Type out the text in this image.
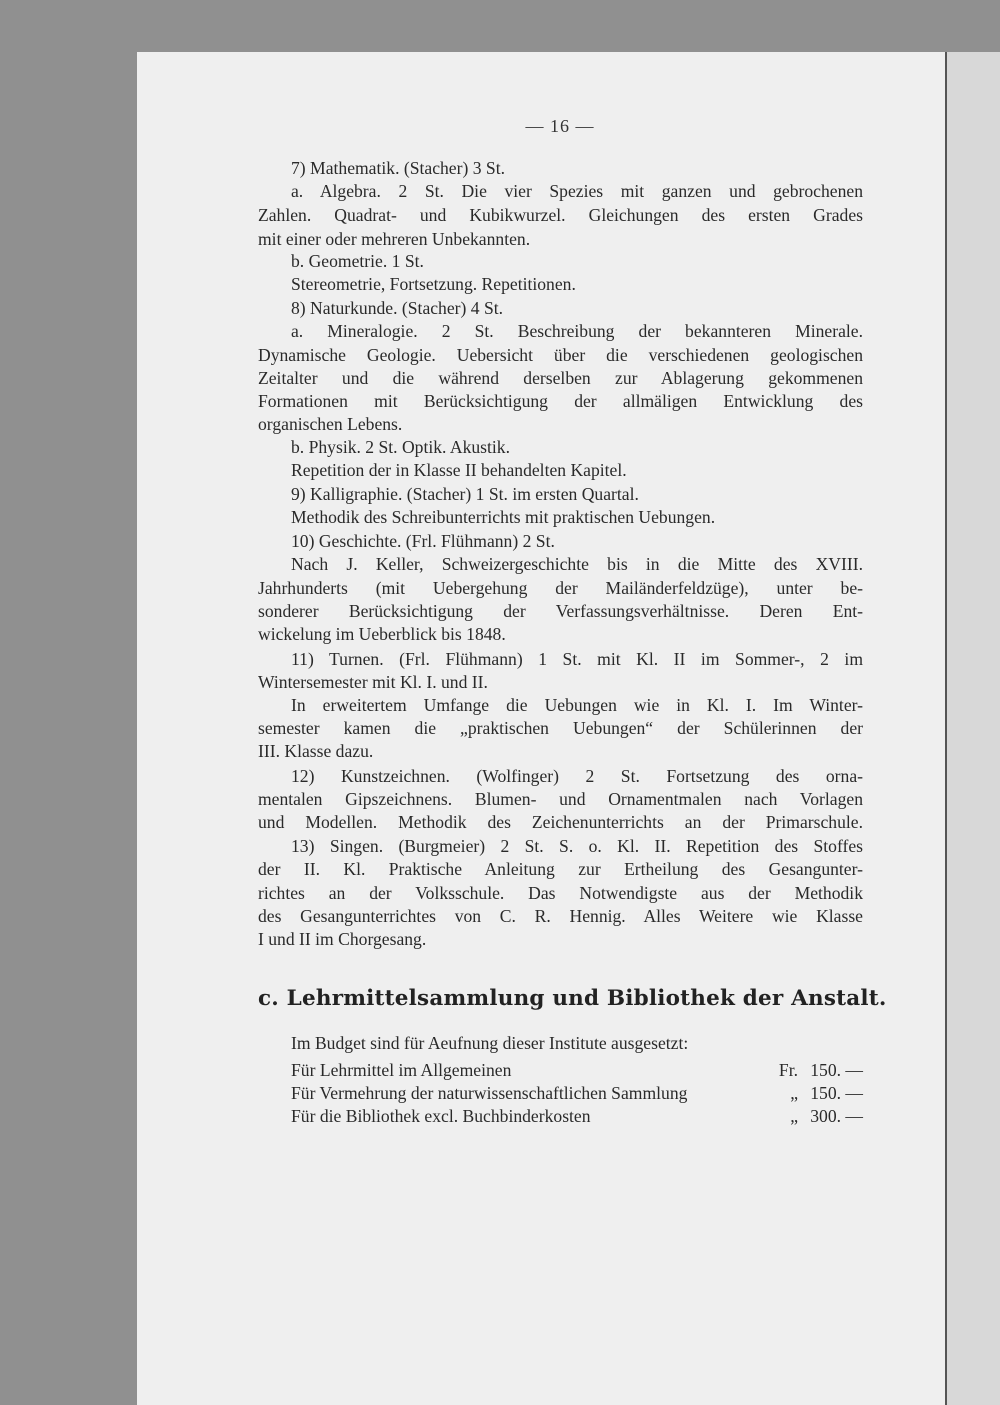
— 16 —
7) Mathematik. (Stacher) 3 St.
a. Algebra. 2 St. Die vier Spezies mit ganzen und gebrochenen
Zahlen. Quadrat- und Kubikwurzel. Gleichungen des ersten Grades
mit einer oder mehreren Unbekannten.
b. Geometrie. 1 St.
Stereometrie, Fortsetzung. Repetitionen.
8) Naturkunde. (Stacher) 4 St.
a. Mineralogie. 2 St. Beschreibung der bekannteren Minerale.
Dynamische Geologie. Uebersicht über die verschiedenen geologischen
Zeitalter und die während derselben zur Ablagerung gekommenen
Formationen mit Berücksichtigung der allmäligen Entwicklung des
organischen Lebens.
b. Physik. 2 St. Optik. Akustik.
Repetition der in Klasse II behandelten Kapitel.
9) Kalligraphie. (Stacher) 1 St. im ersten Quartal.
Methodik des Schreibunterrichts mit praktischen Uebungen.
10) Geschichte. (Frl. Flühmann) 2 St.
Nach J. Keller, Schweizergeschichte bis in die Mitte des XVIII.
Jahrhunderts (mit Uebergehung der Mailänderfeldzüge), unter be-
sonderer Berücksichtigung der Verfassungsverhältnisse. Deren Ent-
wickelung im Ueberblick bis 1848.
11) Turnen. (Frl. Flühmann) 1 St. mit Kl. II im Sommer-, 2 im
Wintersemester mit Kl. I. und II.
In erweitertem Umfange die Uebungen wie in Kl. I. Im Winter-
semester kamen die „praktischen Uebungen“ der Schülerinnen der
III. Klasse dazu.
12) Kunstzeichnen. (Wolfinger) 2 St. Fortsetzung des orna-
mentalen Gipszeichnens. Blumen- und Ornamentmalen nach Vorlagen
und Modellen. Methodik des Zeichenunterrichts an der Primarschule.
13) Singen. (Burgmeier) 2 St. S. o. Kl. II. Repetition des Stoffes
der II. Kl. Praktische Anleitung zur Ertheilung des Gesangunter-
richtes an der Volksschule. Das Notwendigste aus der Methodik
des Gesangunterrichtes von C. R. Hennig. Alles Weitere wie Klasse
I und II im Chorgesang.
c. Lehrmittelsammlung und Bibliothek der Anstalt.
Im Budget sind für Aeufnung dieser Institute ausgesetzt:
Für Lehrmittel im Allgemeinen	Fr. 150. —
Für Vermehrung der naturwissenschaftlichen Sammlung	„ 150. —
Für die Bibliothek excl. Buchbinderkosten	„ 300. —
